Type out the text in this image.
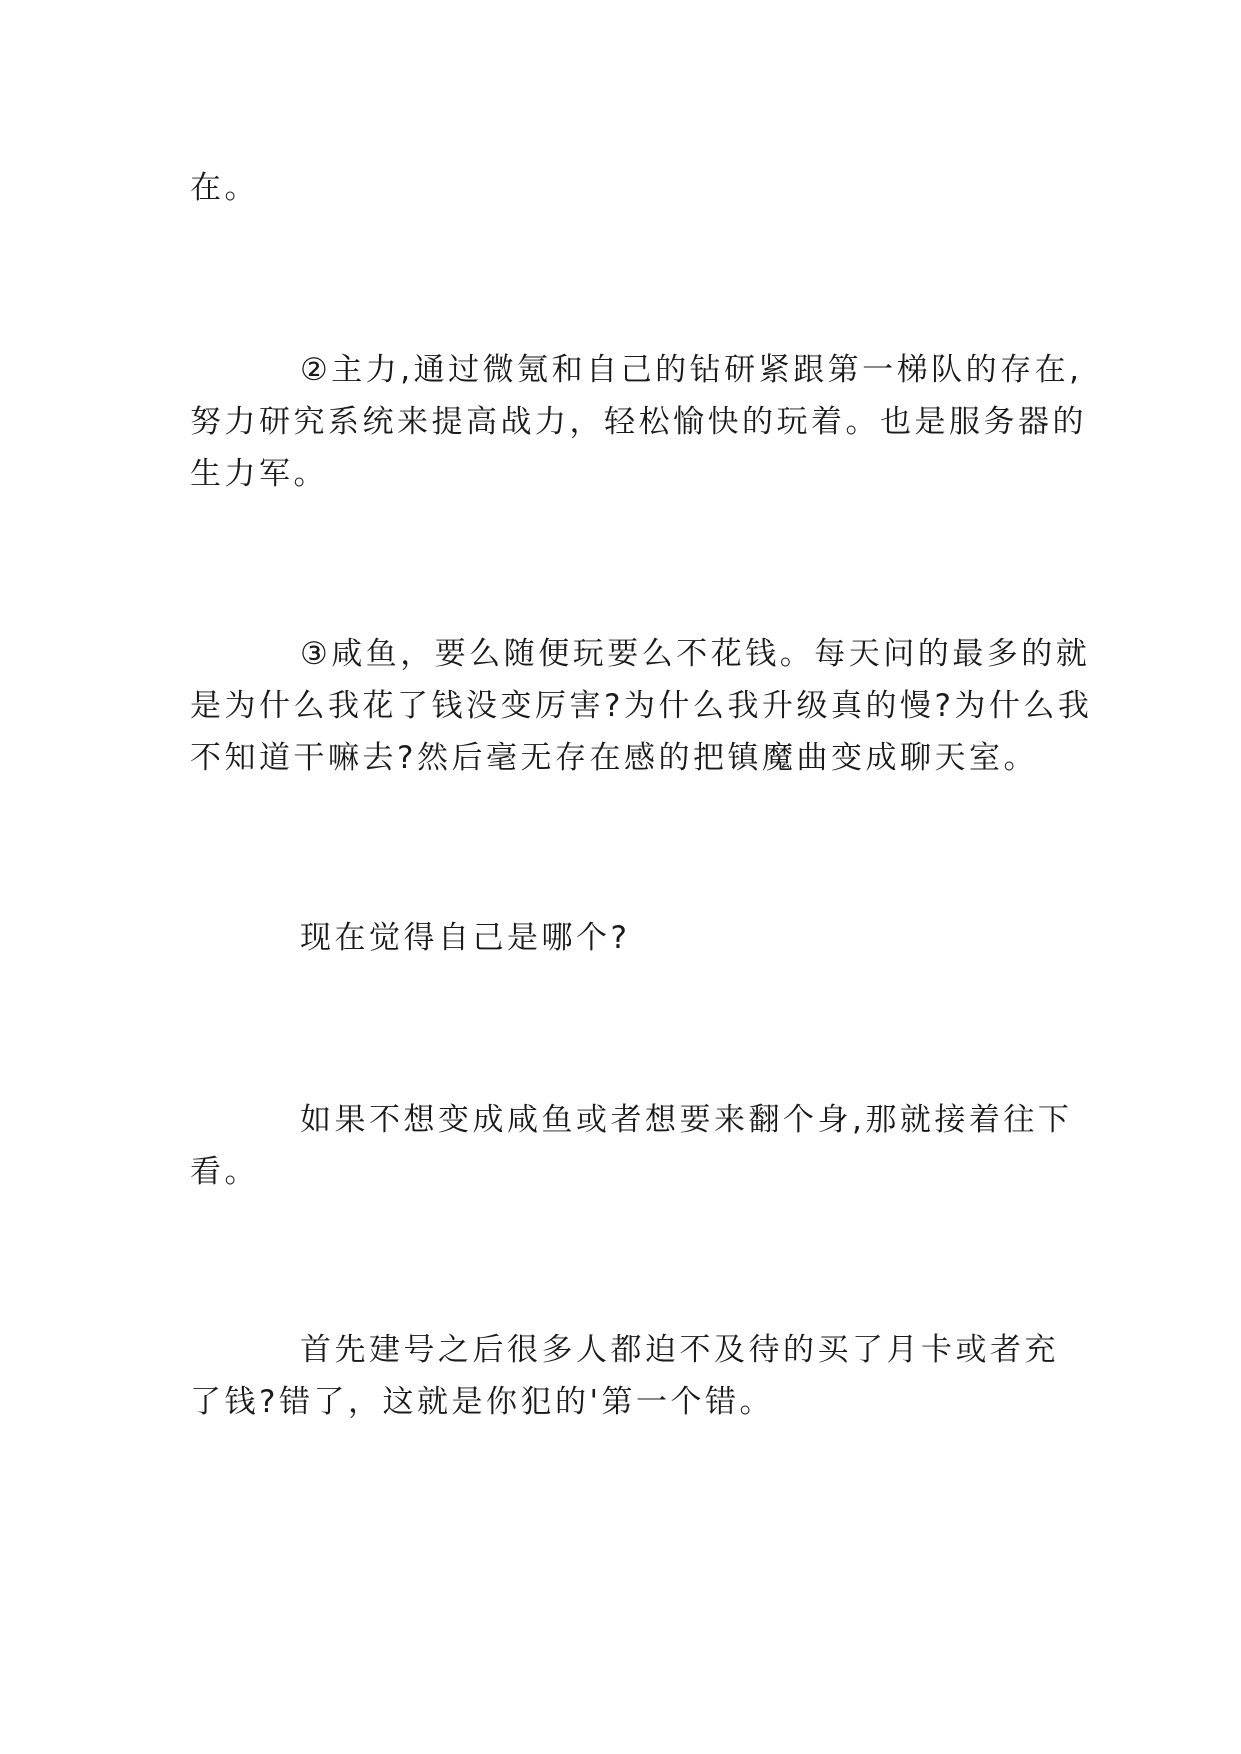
在。
②主力,通过微氪和自己的钻研紧跟第一梯队的存在,
努力研究系统来提高战力，轻松愉快的玩着。也是服务器的
生力军。
③咸鱼，要么随便玩要么不花钱。每天问的最多的就
是为什么我花了钱没变厉害?为什么我升级真的慢?为什么我
不知道干嘛去?然后毫无存在感的把镇魔曲变成聊天室。
现在觉得自己是哪个?
如果不想变成咸鱼或者想要来翻个身,那就接着往下
看。
首先建号之后很多人都迫不及待的买了月卡或者充
了钱?错了，这就是你犯的'第一个错。
